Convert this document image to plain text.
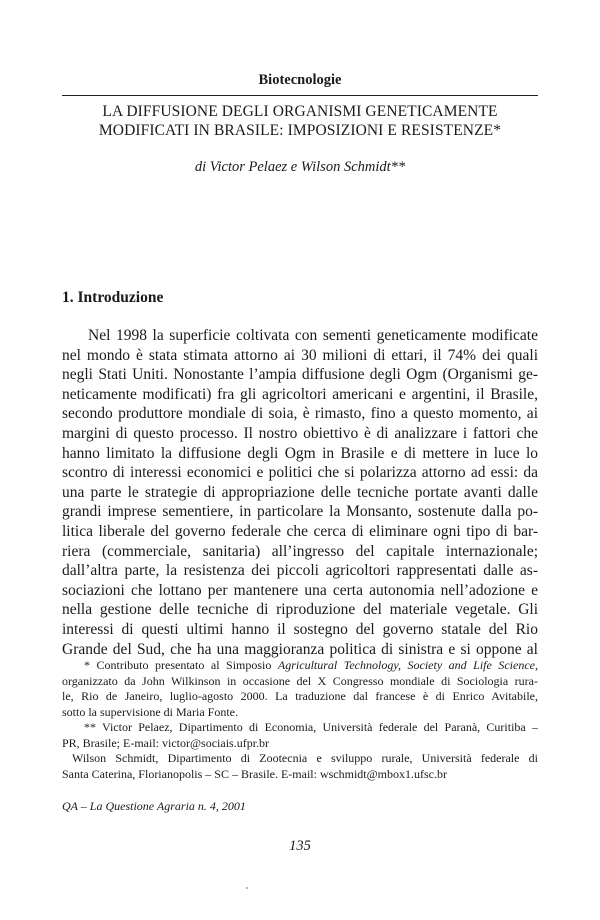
Biotecnologie
LA DIFFUSIONE DEGLI ORGANISMI GENETICAMENTE
MODIFICATI IN BRASILE: IMPOSIZIONI E RESISTENZE*
di Victor Pelaez e Wilson Schmidt**
1. Introduzione
Nel 1998 la superficie coltivata con sementi geneticamente modificate
nel mondo è stata stimata attorno ai 30 milioni di ettari, il 74% dei quali
negli Stati Uniti. Nonostante l’ampia diffusione degli Ogm (Organismi ge-
neticamente modificati) fra gli agricoltori americani e argentini, il Brasile,
secondo produttore mondiale di soia, è rimasto, fino a questo momento, ai
margini di questo processo. Il nostro obiettivo è di analizzare i fattori che
hanno limitato la diffusione degli Ogm in Brasile e di mettere in luce lo
scontro di interessi economici e politici che si polarizza attorno ad essi: da
una parte le strategie di appropriazione delle tecniche portate avanti dalle
grandi imprese sementiere, in particolare la Monsanto, sostenute dalla po-
litica liberale del governo federale che cerca di eliminare ogni tipo di bar-
riera (commerciale, sanitaria) all’ingresso del capitale internazionale;
dall’altra parte, la resistenza dei piccoli agricoltori rappresentati dalle as-
sociazioni che lottano per mantenere una certa autonomia nell’adozione e
nella gestione delle tecniche di riproduzione del materiale vegetale. Gli
interessi di questi ultimi hanno il sostegno del governo statale del Rio
Grande del Sud, che ha una maggioranza politica di sinistra e si oppone al
* Contributo presentato al Simposio Agricultural Technology, Society and Life Science,
organizzato da John Wilkinson in occasione del X Congresso mondiale di Sociologia rura-
le, Rio de Janeiro, luglio-agosto 2000. La traduzione dal francese è di Enrico Avitabile,
sotto la supervisione di Maria Fonte.
** Victor Pelaez, Dipartimento di Economia, Università federale del Paranà, Curitiba –
PR, Brasile; E-mail: victor@sociais.ufpr.br
Wilson Schmidt, Dipartimento di Zootecnia e sviluppo rurale, Università federale di
Santa Caterina, Florianopolis – SC – Brasile. E-mail: wschmidt@mbox1.ufsc.br
QA – La Questione Agraria n. 4, 2001
135
